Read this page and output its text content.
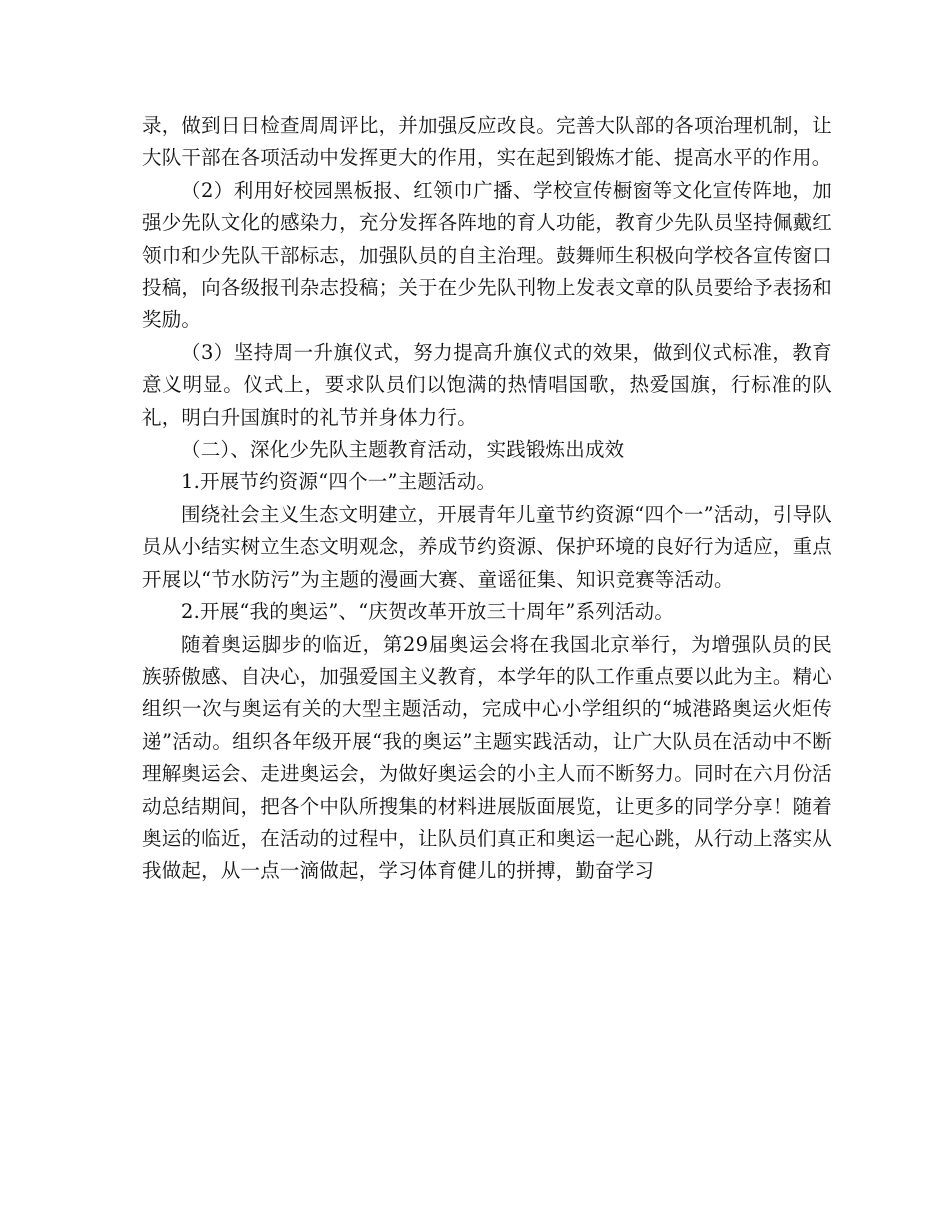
录，做到日日检查周周评比，并加强反应改良。完善大队部的各项治理机制，让大队干部在各项活动中发挥更大的作用，实在起到锻炼才能、提高水平的作用。

（2）利用好校园黑板报、红领巾广播、学校宣传橱窗等文化宣传阵地，加强少先队文化的感染力，充分发挥各阵地的育人功能，教育少先队员坚持佩戴红领巾和少先队干部标志，加强队员的自主治理。鼓舞师生积极向学校各宣传窗口投稿，向各级报刊杂志投稿；关于在少先队刊物上发表文章的队员要给予表扬和奖励。

（3）坚持周一升旗仪式，努力提高升旗仪式的效果，做到仪式标准，教育意义明显。仪式上，要求队员们以饱满的热情唱国歌，热爱国旗，行标准的队礼，明白升国旗时的礼节并身体力行。

（二）、深化少先队主题教育活动，实践锻炼出成效

1.开展节约资源“四个一”主题活动。

围绕社会主义生态文明建立，开展青年儿童节约资源“四个一”活动，引导队员从小结实树立生态文明观念，养成节约资源、保护环境的良好行为适应，重点开展以“节水防污”为主题的漫画大赛、童谣征集、知识竞赛等活动。

2.开展“我的奥运”、“庆贺改革开放三十周年”系列活动。

随着奥运脚步的临近，第29届奥运会将在我国北京举行，为增强队员的民族骄傲感、自决心，加强爱国主义教育，本学年的队工作重点要以此为主。精心组织一次与奥运有关的大型主题活动，完成中心小学组织的“城港路奥运火炬传递”活动。组织各年级开展“我的奥运”主题实践活动，让广大队员在活动中不断理解奥运会、走进奥运会，为做好奥运会的小主人而不断努力。同时在六月份活动总结期间，把各个中队所搜集的材料进展版面展览，让更多的同学分享！随着奥运的临近，在活动的过程中，让队员们真正和奥运一起心跳，从行动上落实从我做起，从一点一滴做起，学习体育健儿的拼搏，勤奋学习
